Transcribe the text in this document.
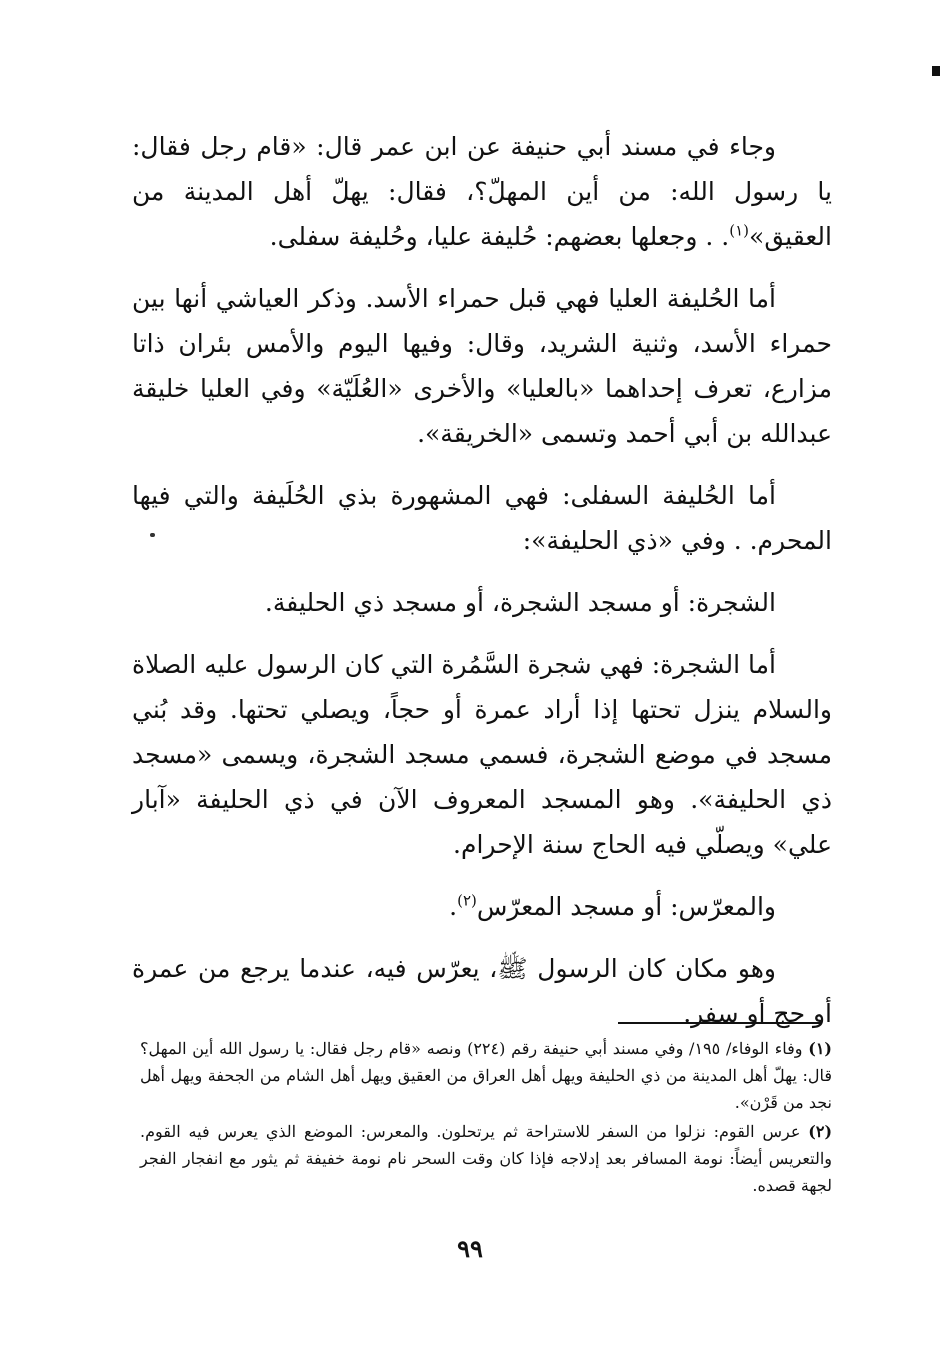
وجاء في مسند أبي حنيفة عن ابن عمر قال: «قام رجل فقال: يا رسول الله: من أين المهلّ؟، فقال: يهلّ أهل المدينة من العقيق»$^{(١)}$. . وجعلها بعضهم: حُليفة عليا، وحُليفة سفلى.

أما الحُليفة العليا فهي قبل حمراء الأسد. وذكر العياشي أنها بين حمراء الأسد، وثنية الشريد، وقال: وفيها اليوم والأمس بئران ذاتا مزارع، تعرف إحداهما «بالعليا» والأخرى «العُلَيّة» وفي العليا خليقة عبدالله بن أبي أحمد وتسمى «الخريقة».

أما الحُليفة السفلى: فهي المشهورة بذي الحُلَيفة والتي فيها المحرم. . وفي «ذي الحليفة»:

الشجرة: أو مسجد الشجرة، أو مسجد ذي الحليفة.

أما الشجرة: فهي شجرة السَّمُرة التي كان الرسول عليه الصلاة والسلام ينزل تحتها إذا أراد عمرة أو حجاً، ويصلي تحتها. وقد بُني مسجد في موضع الشجرة، فسمي مسجد الشجرة، ويسمى «مسجد ذي الحليفة». وهو المسجد المعروف الآن في ذي الحليفة «آبار علي» ويصلّي فيه الحاج سنة الإحرام.

والمعرّس: أو مسجد المعرّس$^{(٢)}$.

وهو مكان كان الرسول ﷺ، يعرّس فيه، عندما يرجع من عمرة أو حج أو سفر.

(١) وفاء الوفاء/ ١٩٥/ وفي مسند أبي حنيفة رقم (٢٢٤) ونصه «قام رجل فقال: يا رسول الله أين المهل؟ قال: يهلّ أهل المدينة من ذي الحليفة ويهل أهل العراق من العقيق ويهل أهل الشام من الجحفة ويهل أهل نجد من قَرْن».

(٢) عرس القوم: نزلوا من السفر للاستراحة ثم يرتحلون. والمعرس: الموضع الذي يعرس فيه القوم. والتعريس أيضاً: نومة المسافر بعد إدلاجه فإذا كان وقت السحر نام نومة خفيفة ثم يثور مع انفجار الفجر لجهة قصده.

٩٩
